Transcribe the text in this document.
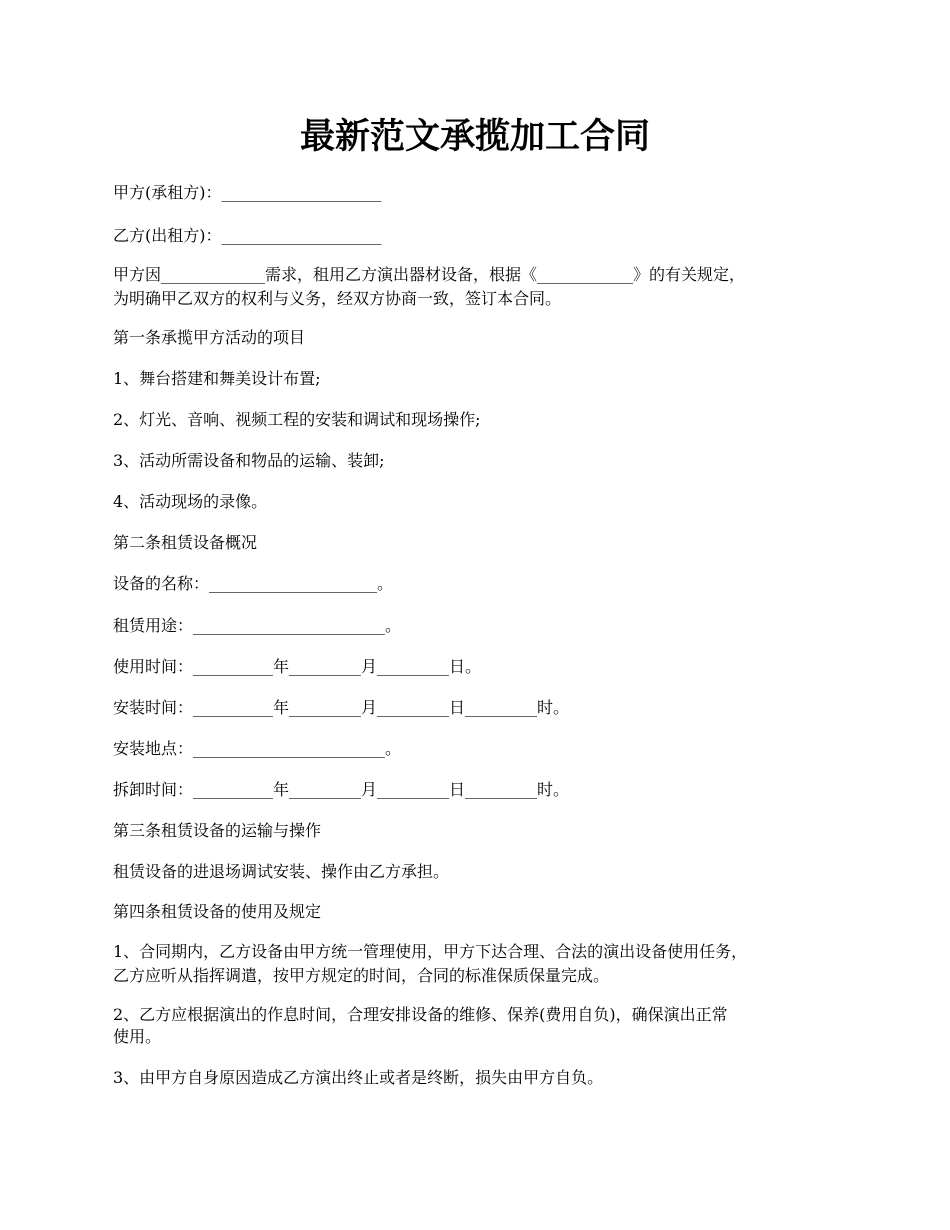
最新范文承揽加工合同

甲方(承租方)：____________________

乙方(出租方)：____________________

甲方因_____________需求，租用乙方演出器材设备，根据《____________》的有关规定，

为明确甲乙双方的权利与义务，经双方协商一致，签订本合同。

第一条承揽甲方活动的项目

1、舞台搭建和舞美设计布置;

2、灯光、音响、视频工程的安装和调试和现场操作;

3、活动所需设备和物品的运输、装卸;

4、活动现场的录像。

第二条租赁设备概况

设备的名称：_____________________。

租赁用途：________________________。

使用时间：__________年_________月_________日。

安装时间：__________年_________月_________日_________时。

安装地点：________________________。

拆卸时间：__________年_________月_________日_________时。

第三条租赁设备的运输与操作

租赁设备的进退场调试安装、操作由乙方承担。

第四条租赁设备的使用及规定

1、合同期内，乙方设备由甲方统一管理使用，甲方下达合理、合法的演出设备使用任务，

乙方应听从指挥调遣，按甲方规定的时间，合同的标准保质保量完成。

2、乙方应根据演出的作息时间，合理安排设备的维修、保养(费用自负)，确保演出正常

使用。

3、由甲方自身原因造成乙方演出终止或者是终断，损失由甲方自负。
